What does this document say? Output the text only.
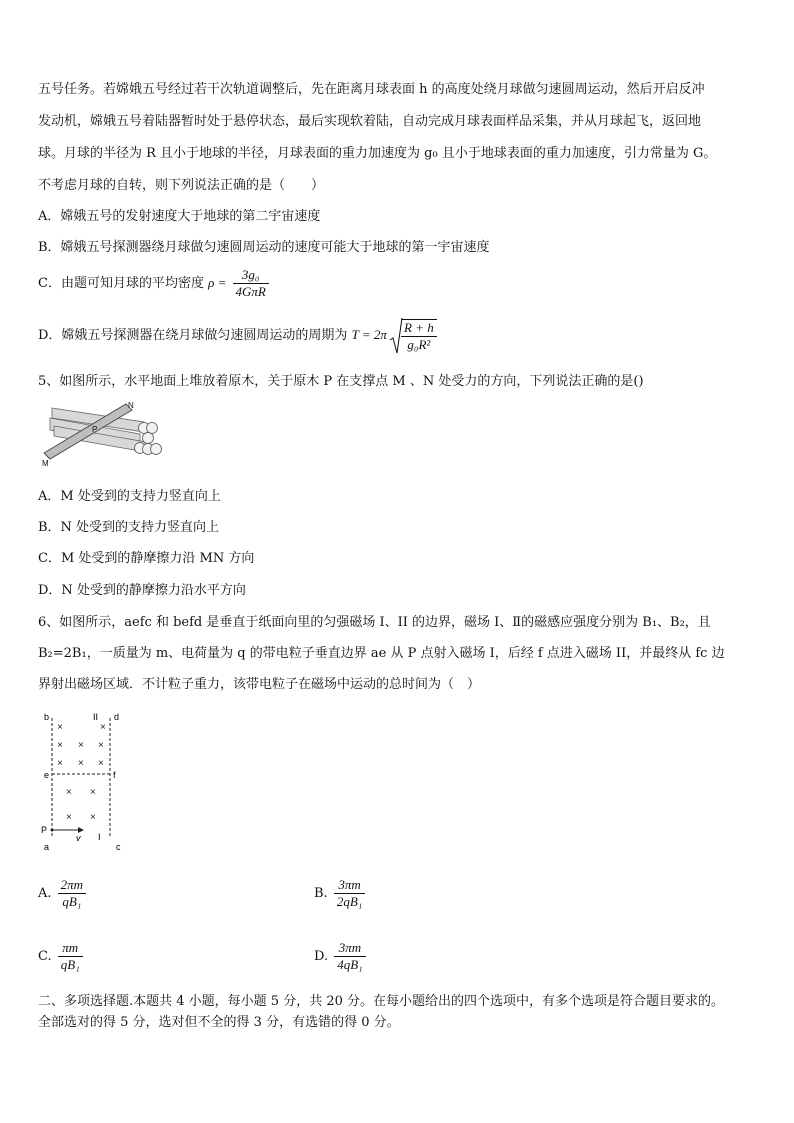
五号任务。若嫦娥五号经过若干次轨道调整后，先在距离月球表面 h 的高度处绕月球做匀速圆周运动，然后开启反冲
发动机，嫦娥五号着陆器暂时处于悬停状态，最后实现软着陆，自动完成月球表面样品采集，并从月球起飞，返回地
球。月球的半径为 R 且小于地球的半径，月球表面的重力加速度为 g₀ 且小于地球表面的重力加速度，引力常量为 G。
不考虑月球的自转，则下列说法正确的是（　　）
A．嫦娥五号的发射速度大于地球的第二宇宙速度
B．嫦娥五号探测器绕月球做匀速圆周运动的速度可能大于地球的第一宇宙速度
C．由题可知月球的平均密度 $\rho = \frac{\text{3g₀}}{\text{4GπR}}$
D．嫦娥五号探测器在绕月球做匀速圆周运动的周期为 $T = 2\pi \frac{R + h}{\text{g₀R²}}$
5、如图所示，水平地面上堆放着原木，关于原木 P 在支撑点 M 、N 处受力的方向，下列说法正确的是()
N
P
M
A．M 处受到的支持力竖直向上
B．N 处受到的支持力竖直向上
C．M 处受到的静摩擦力沿 MN 方向
D．N 处受到的静摩擦力沿水平方向
6、如图所示，aefc 和 befd 是垂直于纸面向里的匀强磁场 I、II 的边界，磁场 I、Ⅱ的磁感应强度分别为 B₁、B₂，且
B₂=2B₁，一质量为 m、电荷量为 q 的带电粒子垂直边界 ae 从 P 点射入磁场 I，后经 f 点进入磁场 II，并最终从 fc 边
界射出磁场区域．不计粒子重力，该带电粒子在磁场中运动的总时间为（　）
b	II d
e	f
P
v I
a	c
×	×
× × ×
× × ×
× ×
× ×
A. $\frac{2\pi m}{\text{qB₁}}$	B. $\frac{3\pi m}{\text{2qB₁}}$
C. $\frac{\pi m}{\text{qB₁}}$	D. $\frac{3\pi m}{\text{4qB₁}}$
二、多项选择题.本题共 4 小题，每小题 5 分，共 20 分。在每小题给出的四个选项中，有多个选项是符合题目要求的。
全部选对的得 5 分，选对但不全的得 3 分，有选错的得 0 分。
